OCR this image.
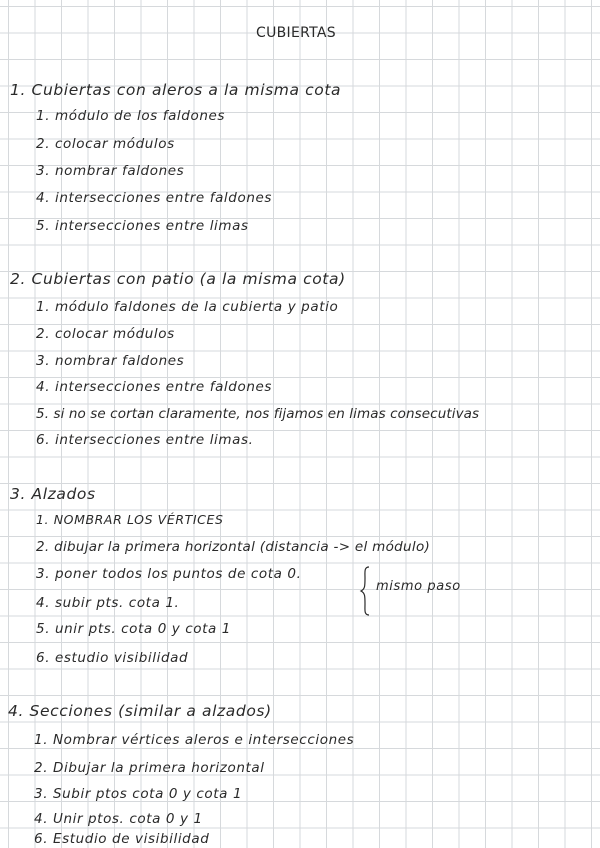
CUBIERTAS
1. Cubiertas con aleros a la misma cota
1. módulo de los faldones
2. colocar módulos
3. nombrar faldones
4. intersecciones entre faldones
5. intersecciones entre limas
2. Cubiertas con patio (a la misma cota)
1. módulo faldones de la cubierta y patio
2. colocar módulos
3. nombrar faldones
4. intersecciones entre faldones
5. si no se cortan claramente, nos fijamos en limas consecutivas
6. intersecciones entre limas.
3. Alzados
1. NOMBRAR LOS VÉRTICES
2. dibujar la primera horizontal (distancia -> el módulo)
3. poner todos los puntos de cota 0.
4. subir pts. cota 1.
5. unir pts. cota 0 y cota 1
6. estudio visibilidad
mismo paso
4. Secciones (similar a alzados)
1. Nombrar vértices aleros e intersecciones
2. Dibujar la primera horizontal
3. Subir ptos cota 0 y cota 1
4. Unir ptos. cota 0 y 1
6. Estudio de visibilidad
